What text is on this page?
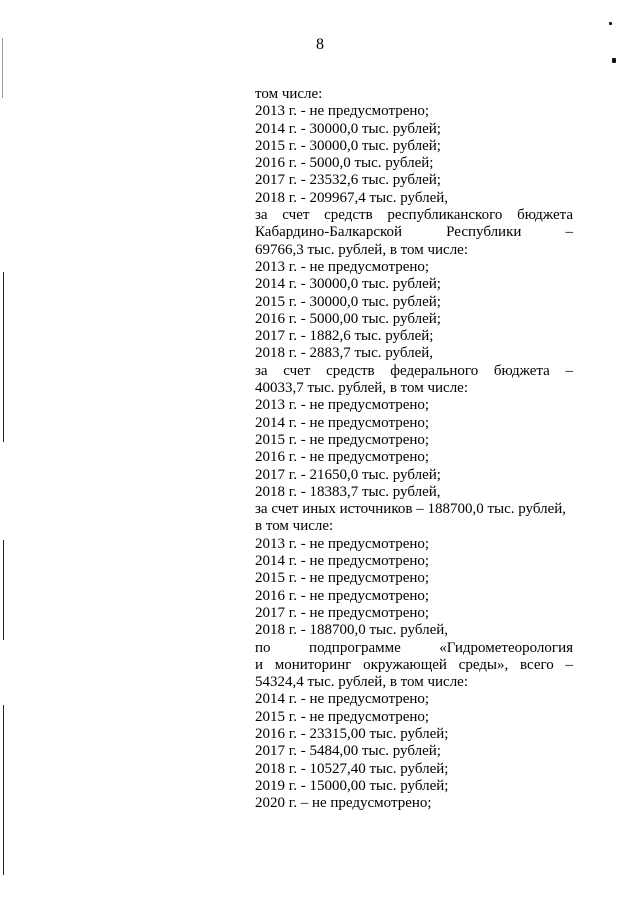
8
том числе:
2013 г. - не предусмотрено;
2014 г. - 30000,0 тыс. рублей;
2015 г. - 30000,0 тыс. рублей;
2016 г. - 5000,0 тыс. рублей;
2017 г. - 23532,6 тыс. рублей;
2018 г. - 209967,4 тыс. рублей,
за счет средств республиканского бюджета
Кабардино-Балкарской Республики –
69766,3 тыс. рублей, в том числе:
2013 г. - не предусмотрено;
2014 г. - 30000,0 тыс. рублей;
2015 г. - 30000,0 тыс. рублей;
2016 г. - 5000,00 тыс. рублей;
2017 г. - 1882,6 тыс. рублей;
2018 г. - 2883,7 тыс. рублей,
за счет средств федерального бюджета –
40033,7 тыс. рублей, в том числе:
2013 г. - не предусмотрено;
2014 г. - не предусмотрено;
2015 г. - не предусмотрено;
2016 г. - не предусмотрено;
2017 г. - 21650,0 тыс. рублей;
2018 г. - 18383,7 тыс. рублей,
за счет иных источников – 188700,0 тыс. рублей,
в том числе:
2013 г. - не предусмотрено;
2014 г. - не предусмотрено;
2015 г. - не предусмотрено;
2016 г. - не предусмотрено;
2017 г. - не предусмотрено;
2018 г. - 188700,0 тыс. рублей,
по подпрограмме «Гидрометеорология
и мониторинг окружающей среды», всего –
54324,4 тыс. рублей, в том числе:
2014 г. - не предусмотрено;
2015 г. - не предусмотрено;
2016 г. - 23315,00 тыс. рублей;
2017 г. - 5484,00 тыс. рублей;
2018 г. - 10527,40 тыс. рублей;
2019 г. - 15000,00 тыс. рублей;
2020 г. – не предусмотрено;
